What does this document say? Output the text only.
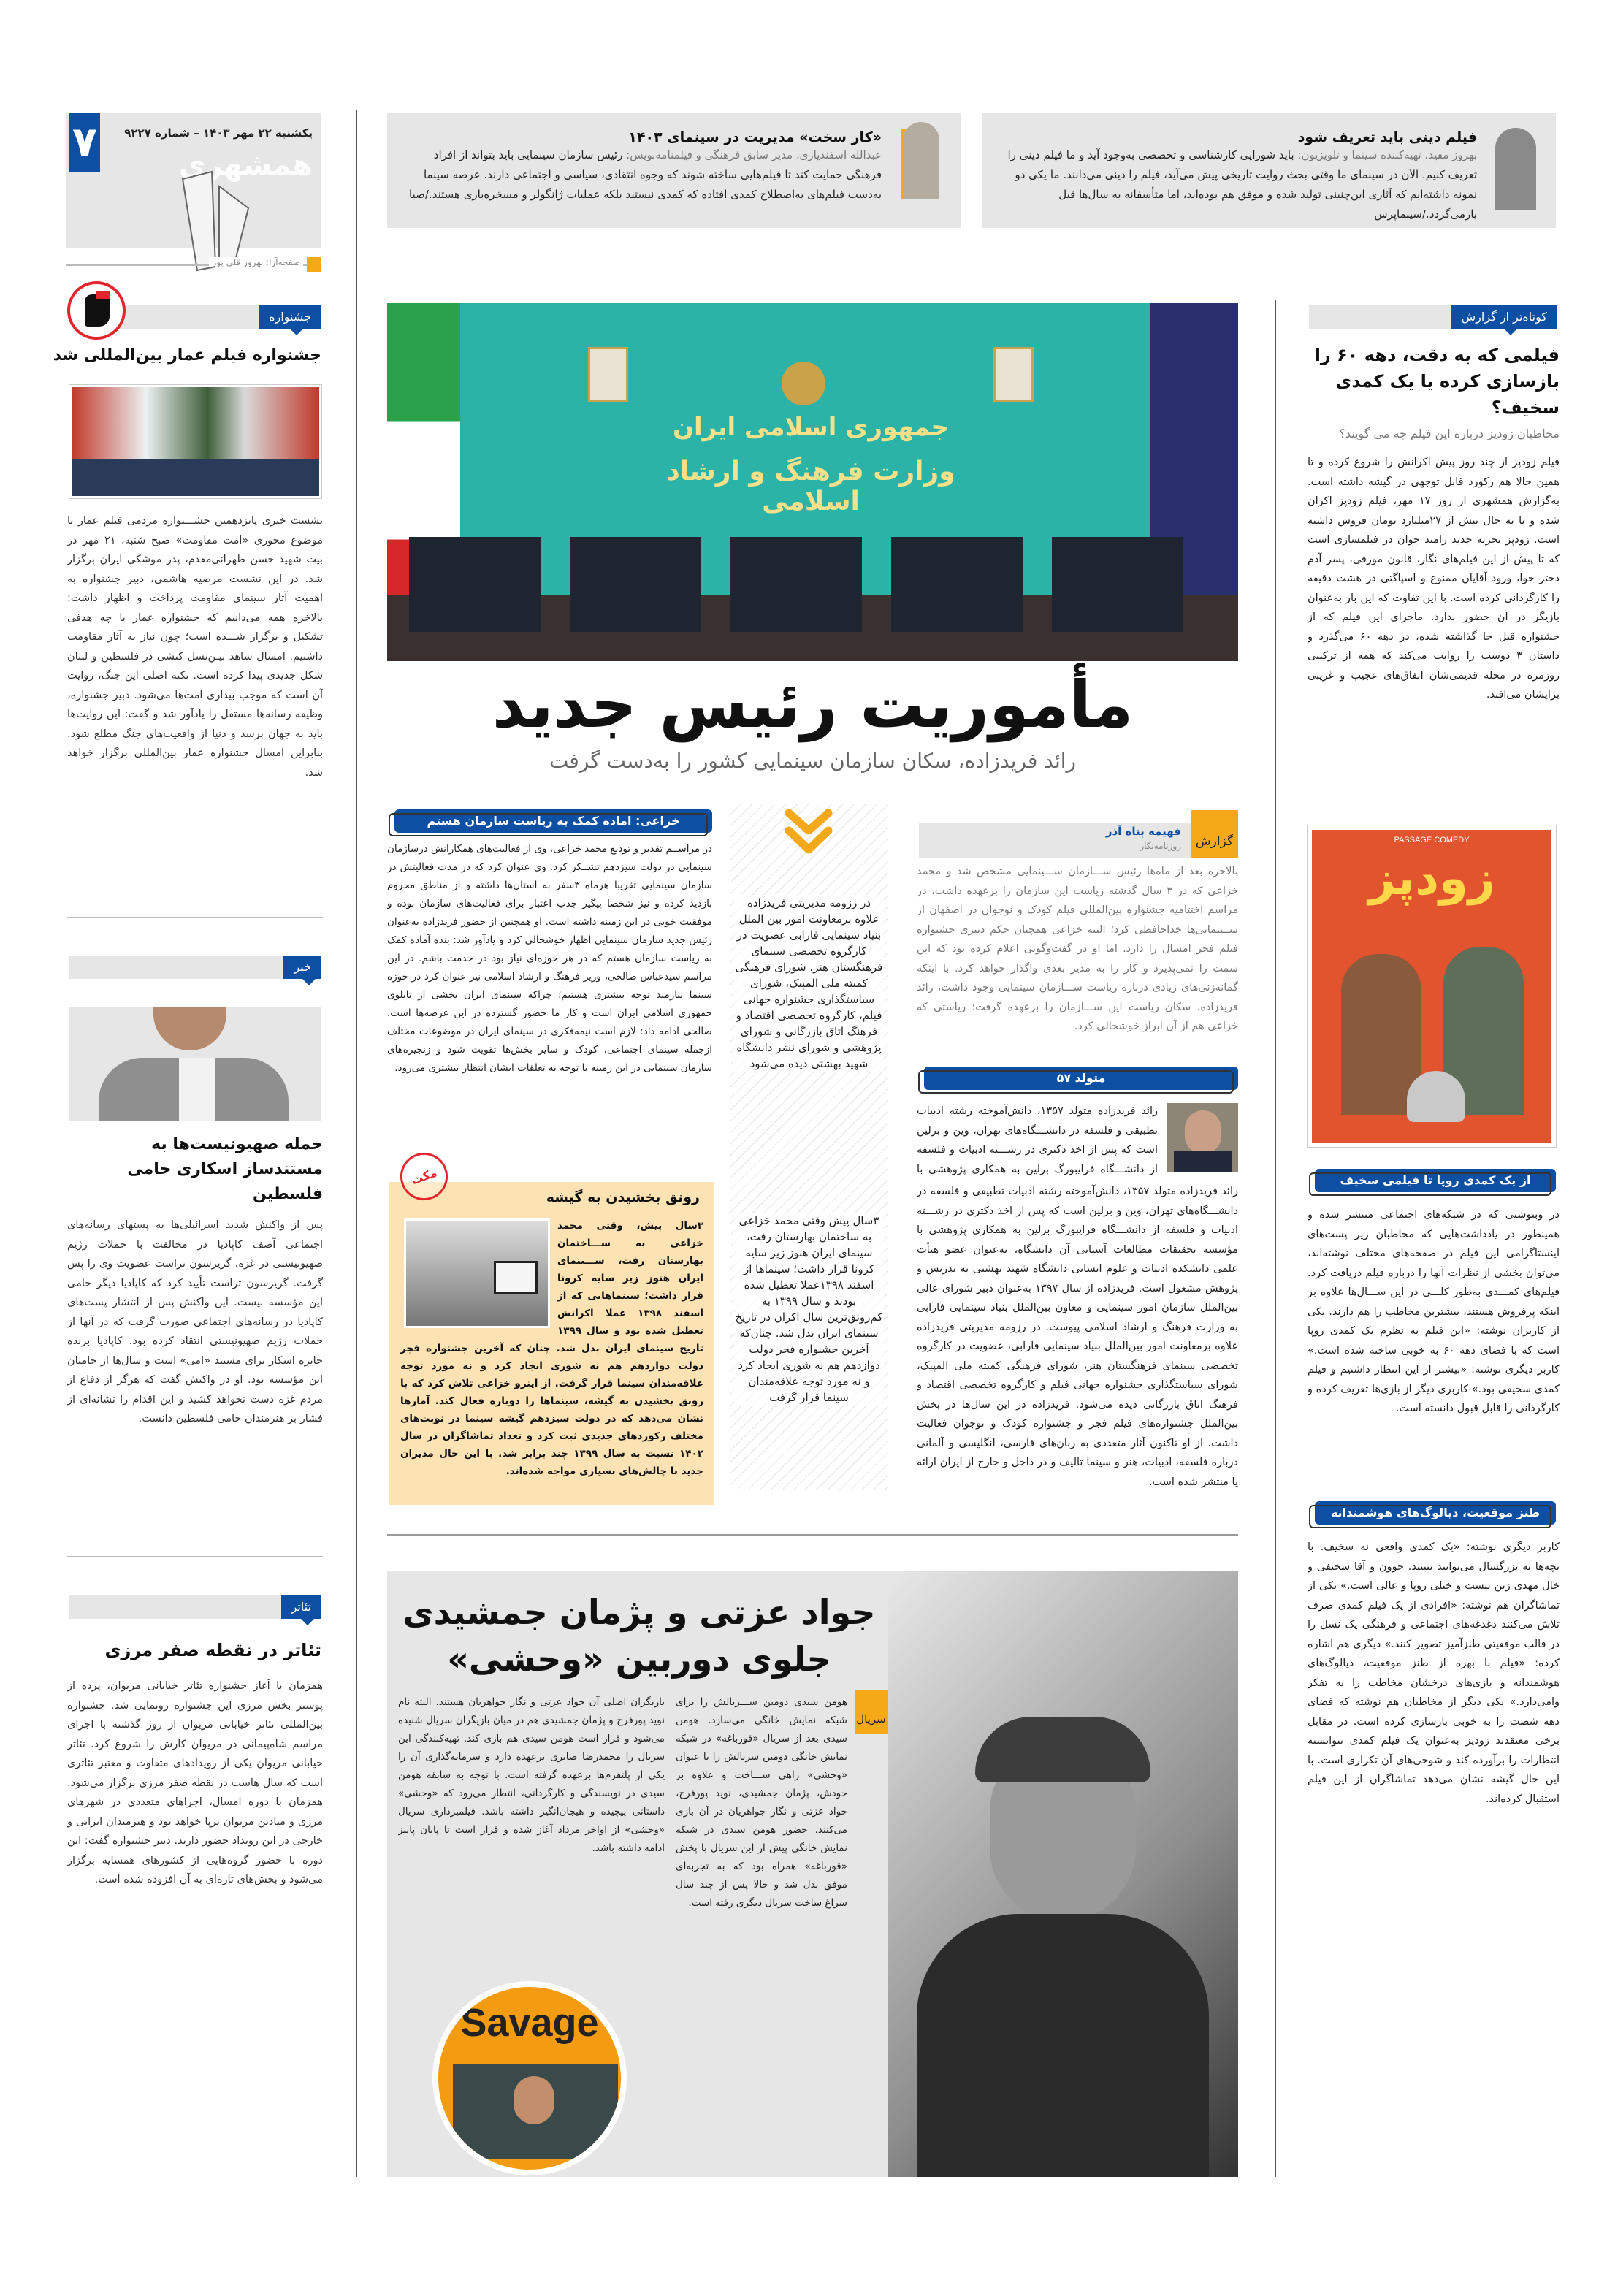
۷ یکشنبه ۲۲ مهر ۱۴۰۳ – شماره ۹۲۲۷
همشهری
صفحه‌آرا: بهروز قلی پور
فیلم دینی باید تعریف شود
بهروز مفید، تهیه‌کننده سینما و تلویزیون: باید شورایی کارشناسی و تخصصی به‌وجود آید و ما فیلم دینی را تعریف کنیم. الآن در سینمای ما وقتی بحث روایت تاریخی پیش می‌آید، فیلم را دینی می‌دانند. ما یکی دو نمونه داشته‌ایم که آثاری این‌چنینی تولید شده و موفق هم بوده‌اند، اما متأسفانه به سال‌ها قبل بازمی‌گردد./سینماپرس
«کار سخت» مدیریت در سینمای ۱۴۰۳
عبدالله اسفندیاری، مدیر سابق فرهنگی و فیلمنامه‌نویس: رئیس سازمان سینمایی باید بتواند از افراد فرهنگی حمایت کند تا فیلم‌هایی ساخته شوند که وجوه انتقادی، سیاسی و اجتماعی دارند. عرصه سینما به‌دست فیلم‌های به‌اصطلاح کمدی افتاده که کمدی نیستند بلکه عملیات ژانگولر و مسخره‌بازی هستند./صبا
جشنواره
جشنواره فیلم عمار بین‌المللی شد
نشست خبری پانزدهمین جشـــنواره مردمی فیلم عمار با موضوع محوری «امت مقاومت» صبح شنبه، ۲۱ مهر در بیت شهید حسن طهرانی‌مقدم، پدر موشکی ایران برگزار شد. در این نشست مرضیه هاشمی، دبیر جشنواره به اهمیت آثار سینمای مقاومت پرداخت و اظهار داشت: بالاخره همه می‌دانیم که جشنواره عمار با چه هدفی تشکیل و برگزار شـــده است؛ چون نیاز به آثار مقاومت داشتیم. امسال شاهد بیـن‌نسل کنشی در فلسطین و لبنان شکل جدیدی پیدا کرده است. نکته اصلی این جنگ، روایت آن است که موجب بیداری امت‌ها می‌شود. دبیر جشنواره، وظیفه رسانه‌ها مستقل را یادآور شد و گفت: این روایت‌ها باید به جهان برسد و دنیا از واقعیت‌های جنگ مطلع شود. بنابراین امسال جشنواره عمار بین‌المللی برگزار خواهد شد.
خبر
حمله صهیونیست‌ها به مستندساز اسکاری حامی فلسطین
پس از واکنش شدید اسرائیلی‌ها به پستهای رسانه‌های اجتماعی آصف کاپادیا در مخالفت با حملات رژیم صهیونیستی در غزه، گریرسون تراست عضویت وی را پس گرفت. گریرسون تراست تأیید کرد که کاپادیا دیگر حامی این مؤسسه نیست. این واکنش پس از انتشار پست‌های کاپادیا در رسانه‌های اجتماعی صورت گرفت که در آنها از حملات رژیم صهیونیستی انتقاد کرده بود. کاپادیا برنده جایزه اسکار برای مستند «امی» است و سال‌ها از حامیان این مؤسسه بود. او در واکنش گفت که هرگز از دفاع از مردم غزه دست نخواهد کشید و این اقدام را نشانه‌ای از فشار بر هنرمندان حامی فلسطین دانست.
تئاتر
تئاتر در نقطه صفر مرزی
همزمان با آغاز جشنواره تئاتر خیابانی مریوان، پرده از پوستر بخش مرزی این جشنواره رونمایی شد. جشنواره بین‌المللی تئاتر خیابانی مریوان از روز گذشته با اجرای مراسم شاه‌پیمانی در مریوان کارش را شروع کرد. تئاتر خیابانی مریوان یکی از رویدادهای متفاوت و معتبر تئاتری است که سال هاست در نقطه صفر مرزی برگزار می‌شود. همزمان با دوره امسال، اجراهای متعددی در شهرهای مرزی و میادین مریوان برپا خواهد بود و هنرمندان ایرانی و خارجی در این رویداد حضور دارند. دبیر جشنواره گفت: این دوره با حضور گروه‌هایی از کشورهای همسایه برگزار می‌شود و بخش‌های تازه‌ای به آن افزوده شده است.
جمهوری اسلامی ایران
وزارت فرهنگ و ارشاد اسلامی
مأموریت رئیس جدید
رائد فریدزاده، سکان سازمان سینمایی کشور را به‌دست گرفت
خزاعی: آماده کمک به ریاست سازمان هستم
در مراســم تقدیر و تودیع محمد خزاعی، وی از فعالیت‌های همکارانش درسازمان سینمایی در دولت سیزدهم تشــکر کرد. وی عنوان کرد که در مدت فعالیتش در سازمان سینمایی تقریبا هرماه ۳سفر به استان‌ها داشته و از مناطق محروم بازدید کرده و نیز شخصا پیگیر جذب اعتبار برای فعالیت‌های سازمان بوده و موفقیت خوبی در این زمینه داشته است. او همچنین از حضور فریدزاده به‌عنوان رئیس جدید سازمان سینمایی اظهار خوشحالی کرد و یادآور شد: بنده آماده کمک به ریاست سازمان هستم که در هر حوزه‌ای نیاز بود در خدمت باشم. در این مراسم سیدعباس صالحی، وزیر فرهنگ و ارشاد اسلامی نیز عنوان کرد در حوزه سینما نیازمند توجه بیشتری هستیم؛ چراکه سینمای ایران بخشی از تابلوی جمهوری اسلامی ایران است و کار ما حضور گسترده در این عرصه‌ها است. صالحی ادامه داد: لازم است نیمه‌فکری در سینمای ایران در موضوعات مختلف ازجمله سینمای اجتماعی، کودک و سایر بخش‌ها تقویت شود و زنجیره‌های سازمان سینمایی در این زمینه با توجه به تعلقات ایشان انتظار بیشتری می‌رود.
در رزومه مدیریتی فریدزاده علاوه برمعاونت امور بین الملل بنیاد سینمایی فارابی عضویت در کارگروه تخصصی سینمای فرهنگستان هنر، شورای فرهنگی کمیته ملی المپیک، شورای سیاستگذاری جشنواره جهانی فیلم، کارگروه تخصصی اقتصاد و فرهنگ اتاق بازرگانی و شورای پژوهشی و شورای نشر دانشگاه شهید بهشتی دیده می‌شود
۳سال پیش وقتی محمد خزاعی به ساختمان بهارستان رفت، سینمای ایران هنوز زیر سایه کرونا قرار داشت؛ سینماها از اسفند ۱۳۹۸عملا تعطیل شده بودند و سال ۱۳۹۹ به کم‌رونق‌ترین سال اکران در تاریخ سینمای ایران بدل شد. چنان‌که آخرین جشنواره فجر دولت دوازدهم هم نه شوری ایجاد کرد و نه مورد توجه علاقه‌مندان سینما قرار گرفت
گزارش
فهیمه پناه آذر
روزنامه‌نگار
بالاخره بعد از ماه‌ها رئیس ســـازمان ســـینمایی مشخص شد و محمد خزاعی که در ۳ سال گذشته ریاست این سازمان را برعهده داشت، در مراسم اختتامیه جشنواره بین‌المللی فیلم کودک و نوجوان در اصفهان از ســینمایی‌ها خداحافظی کرد؛ البته خزاعی همچنان حکم دبیری جشنواره فیلم فجر امسال را دارد. اما او در گفت‌وگویی اعلام کرده بود که این سمت را نمی‌پذیرد و کار را به مدیر بعدی واگذار خواهد کرد. با اینکه گمانه‌زنی‌های زیادی درباره ریاست ســـازمان سینمایی وجود داشت، رائد فریدزاده، سکان ریاست این ســـازمان را برعهده گرفت؛ ریاستی که خزاعی هم از آن ابراز خوشحالی کرد.
متولد ۵۷
رائد فریدزاده متولد ۱۳۵۷، دانش‌آموخته رشته ادبیات تطبیقی و فلسفه در دانشـــگاه‌های تهران، وین و برلین است که پس از اخذ دکتری در رشـــته ادبیات و فلسفه از دانشـــگاه فرایبورگ برلین به همکاری پژوهشی با
رائد فریدزاده متولد ۱۳۵۷، دانش‌آموخته رشته ادبیات تطبیقی و فلسفه در دانشـــگاه‌های تهران، وین و برلین است که پس از اخذ دکتری در رشـــته ادبیات و فلسفه از دانشـــگاه فرایبورگ برلین به همکاری پژوهشی با مؤسسه تحقیقات مطالعات آسیایی آن دانشگاه، به‌عنوان عضو هیأت علمی دانشکده ادبیات و علوم انسانی دانشگاه شهید بهشتی به تدریس و پژوهش مشغول است. فریدزاده از سال ۱۳۹۷ به‌عنوان دبیر شورای عالی بین‌الملل سازمان امور سینمایی و معاون بین‌الملل بنیاد سینمایی فارابی به وزارت فرهنگ و ارشاد اسلامی پیوست. در رزومه مدیریتی فریدزاده علاوه برمعاونت امور بین‌الملل بنیاد سینمایی فارابی، عضویت در کارگروه تخصصی سینمای فرهنگستان هنر، شورای فرهنگی کمیته ملی المپیک، شورای سیاستگذاری جشنواره جهانی فیلم و کارگروه تخصصی اقتصاد و فرهنگ اتاق بازرگانی دیده می‌شود. فریدزاده در این سال‌ها در بخش بین‌الملل جشنواره‌های فیلم فجر و جشنواره کودک و نوجوان فعالیت داشت. از او تاکنون آثار متعددی به زبان‌های فارسی، انگلیسی و آلمانی درباره فلسفه، ادبیات، هنر و سینما تالیف و در داخل و خارج از ایران ارائه یا منتشر شده است.
مکث
رونق بخشیدن به گیشه
۳سال پیش، وقتی محمد خزاعی به ســـاختمان بهارستان رفت، ســـینمای ایران هنوز زیر سایه کرونا قرار داشت؛ سینماهایی که از اسفند ۱۳۹۸ عملا اکرانش تعطیل شده بود و سال ۱۳۹۹ تاریخ سینمای ایران بدل شد. چنان که آخرین جشنواره فجر دولت دوازدهم هم نه شوری ایجاد کرد و نه مورد توجه علاقه‌مندان سینما قرار گرفت. از اینرو خزاعی تلاش کرد که با رونق بخشیدن به گیشه، سینماها را دوباره فعال کند. آمارها نشان می‌دهد که در دولت سیزدهم گیشه سینما در نوبت‌های مختلف رکوردهای جدیدی ثبت کرد و تعداد تماشاگران در سال ۱۴۰۲ نسبت به سال ۱۳۹۹ چند برابر شد. با این حال مدیران جدید با چالش‌های بسیاری مواجه شده‌اند.
جواد عزتی و پژمان جمشیدی
جلوی دوربین «وحشی»
سریال
هومن سیدی دومین ســـریالش را برای شبکه نمایش خانگی می‌سازد. هومن سیدی بعد از سریال «قورباغه» در شبکه نمایش خانگی دومین سریالش را با عنوان «وحشی» راهی ســـاخت و علاوه بر خودش، پژمان جمشیدی، نوید پورفرج، جواد عزتی و نگار جواهریان در آن بازی می‌کنند. حضور هومن سیدی در شبکه نمایش خانگی پیش از این سریال با پخش «قورباغه» همراه بود که به تجربه‌ای موفق بدل شد و حالا پس از چند سال سراغ ساخت سریال دیگری رفته است.
بازیگران اصلی آن جواد عزتی و نگار جواهریان هستند. البته نام نوید پورفرج و پژمان جمشیدی هم در میان بازیگران سریال شنیده می‌شود و قرار است هومن سیدی هم بازی کند. تهیه‌کنندگی این سریال را محمدرضا صابری برعهده دارد و سرمایه‌گذاری آن را یکی از پلتفرم‌ها برعهده گرفته است. با توجه به سابقه هومن سیدی در نویسندگی و کارگردانی، انتظار می‌رود که «وحشی» داستانی پیچیده و هیجان‌انگیز داشته باشد. فیلمبرداری سریال «وحشی» از اواخر مرداد آغاز شده و قرار است تا پایان پاییز ادامه داشته باشد.
Savage
کوتاه‌تر از گزارش
فیلمی که به دقت، دهه ۶۰ را بازسازی کرده یا یک کمدی سخیف؟
مخاطبان زودپز درباره این فیلم چه می گویند؟
فیلم زودپز از چند روز پیش اکرانش را شروع کرده و تا همین حالا هم رکورد قابل توجهی در گیشه داشته است. به‌گزارش همشهری از روز ۱۷ مهر، فیلم زودپز اکران شده و تا به حال بیش از ۲۷میلیارد تومان فروش داشته است. زودپز تجربه جدید رامبد جوان در فیلمسازی است که تا پیش از این فیلم‌های نگار، قانون مورفی، پسر آدم دختر حوا، ورود آقایان ممنوع و اسپاگتی در هشت دقیقه را کارگردانی کرده است. با این تفاوت که این بار به‌عنوان بازیگر در آن حضور ندارد. ماجرای این فیلم که از جشنواره قبل جا گذاشته شده، در دهه ۶۰ می‌گذرد و داستان ۳ دوست را روایت می‌کند که همه از ترکیبی روزمره در محله قدیمی‌شان اتفاق‌های عجیب و غریبی برایشان می‌افتد.
PASSAGE COMEDY
زودپز
از یک کمدی روپا تا فیلمی سخیف
در وبنوشتی که در شبکه‌های اجتماعی منتشر شده و همینطور در یادداشت‌هایی که مخاطبان زیر پست‌های اینستاگرامی این فیلم در صفحه‌های مختلف نوشته‌اند، می‌توان بخشی از نظرات آنها را درباره فیلم دریافت کرد. فیلم‌های کمـــدی به‌طور کلـــی در این ســـال‌ها علاوه بر اینکه پرفروش هستند، بیشترین مخاطب را هم دارند. یکی از کاربران نوشته: «این فیلم به نظرم یک کمدی روپا است که با فضای دهه ۶۰ به خوبی ساخته شده است.» کاربر دیگری نوشته: «بیشتر از این انتظار داشتیم و فیلم کمدی سخیفی بود.» کاربری دیگر از بازی‌ها تعریف کرده و کارگردانی را قابل قبول دانسته است.
طنز موقعیت، دیالوگ‌های هوشمندانه
کاربر دیگری نوشته: «یک کمدی واقعی نه سخیف. با بچه‌ها به بزرگسال می‌توانید ببینید. جوون و آقا سخیفی و خال مهدی زین نیست و خیلی روپا و عالی است.» یکی از تماشاگران هم نوشته: «افرادی از یک فیلم کمدی صرف تلاش می‌کنند دغدغه‌های اجتماعی و فرهنگی یک نسل را در قالب موقعیتی طنزآمیز تصویر کنند.» دیگری هم اشاره کرده: «فیلم با بهره از طنز موقعیت، دیالوگ‌های هوشمندانه و بازی‌های درخشان مخاطب را به تفکر وامی‌دارد.» یکی دیگر از مخاطبان هم نوشته که فضای دهه شصت را به خوبی بازسازی کرده است. در مقابل برخی معتقدند زودپز به‌عنوان یک فیلم کمدی نتوانسته انتظارات را برآورده کند و شوخی‌های آن تکراری است. با این حال گیشه نشان می‌دهد تماشاگران از این فیلم استقبال کرده‌اند.
